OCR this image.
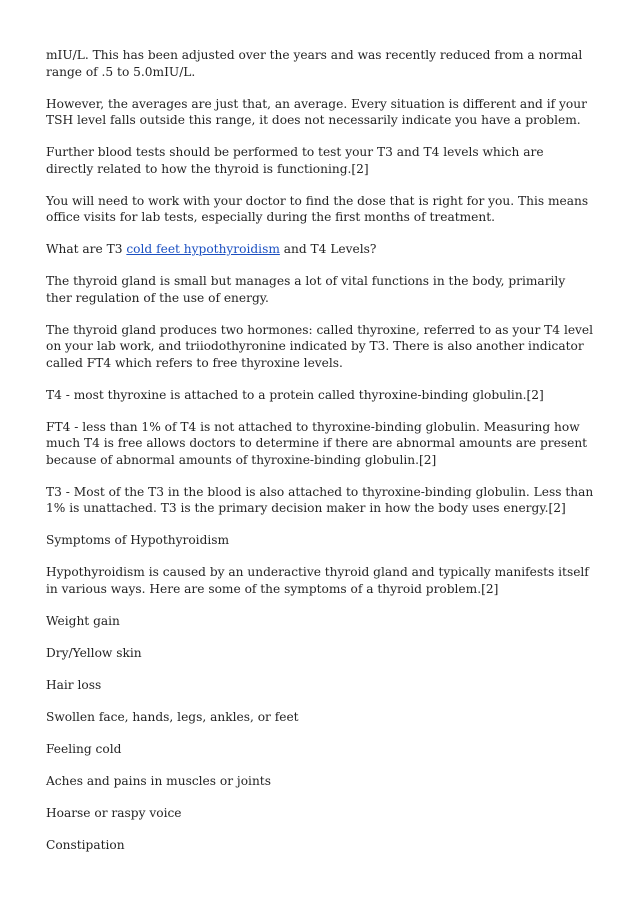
mIU/L. This has been adjusted over the years and was recently reduced from a normal range of .5 to 5.0mIU/L.

However, the averages are just that, an average. Every situation is different and if your TSH level falls outside this range, it does not necessarily indicate you have a problem.

Further blood tests should be performed to test your T3 and T4 levels which are directly related to how the thyroid is functioning.[2]

You will need to work with your doctor to find the dose that is right for you. This means office visits for lab tests, especially during the first months of treatment.

What are T3 cold feet hypothyroidism and T4 Levels?

The thyroid gland is small but manages a lot of vital functions in the body, primarily ther regulation of the use of energy.

The thyroid gland produces two hormones: called thyroxine, referred to as your T4 level on your lab work, and triiodothyronine indicated by T3. There is also another indicator called FT4 which refers to free thyroxine levels.

T4 - most thyroxine is attached to a protein called thyroxine-binding globulin.[2]

FT4 - less than 1% of T4 is not attached to thyroxine-binding globulin. Measuring how much T4 is free allows doctors to determine if there are abnormal amounts are present because of abnormal amounts of thyroxine-binding globulin.[2]

T3 - Most of the T3 in the blood is also attached to thyroxine-binding globulin. Less than 1% is unattached. T3 is the primary decision maker in how the body uses energy.[2]

Symptoms of Hypothyroidism

Hypothyroidism is caused by an underactive thyroid gland and typically manifests itself in various ways. Here are some of the symptoms of a thyroid problem.[2]

Weight gain

Dry/Yellow skin

Hair loss

Swollen face, hands, legs, ankles, or feet

Feeling cold

Aches and pains in muscles or joints

Hoarse or raspy voice

Constipation
